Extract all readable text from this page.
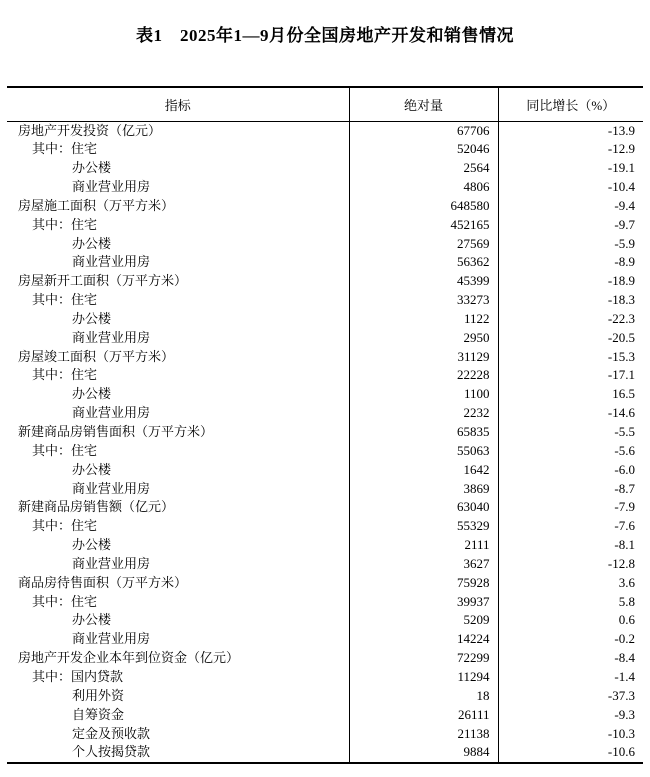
表1　2025年1—9月份全国房地产开发和销售情况
指标	绝对量	同比增长（%）
房地产开发投资（亿元）	67706	-13.9
其中：住宅	52046	-12.9
办公楼	2564	-19.1
商业营业用房	4806	-10.4
房屋施工面积（万平方米）	648580	-9.4
其中：住宅	452165	-9.7
办公楼	27569	-5.9
商业营业用房	56362	-8.9
房屋新开工面积（万平方米）	45399	-18.9
其中：住宅	33273	-18.3
办公楼	1122	-22.3
商业营业用房	2950	-20.5
房屋竣工面积（万平方米）	31129	-15.3
其中：住宅	22228	-17.1
办公楼	1100	16.5
商业营业用房	2232	-14.6
新建商品房销售面积（万平方米）	65835	-5.5
其中：住宅	55063	-5.6
办公楼	1642	-6.0
商业营业用房	3869	-8.7
新建商品房销售额（亿元）	63040	-7.9
其中：住宅	55329	-7.6
办公楼	2111	-8.1
商业营业用房	3627	-12.8
商品房待售面积（万平方米）	75928	3.6
其中：住宅	39937	5.8
办公楼	5209	0.6
商业营业用房	14224	-0.2
房地产开发企业本年到位资金（亿元）	72299	-8.4
其中：国内贷款	11294	-1.4
利用外资	18	-37.3
自筹资金	26111	-9.3
定金及预收款	21138	-10.3
个人按揭贷款	9884	-10.6
